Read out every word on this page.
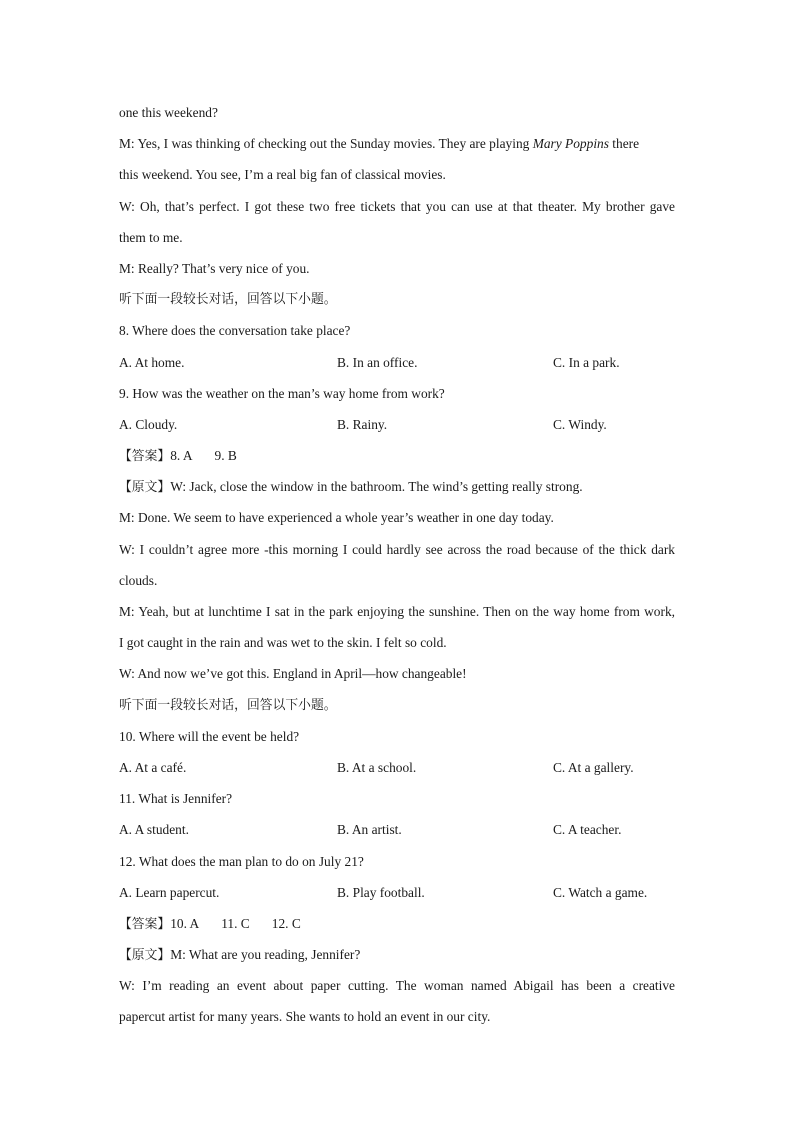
one this weekend?
M: Yes, I was thinking of checking out the Sunday movies. They are playing Mary Poppins there
this weekend. You see, I’m a real big fan of classical movies.
W: Oh, that’s perfect. I got these two free tickets that you can use at that theater. My brother gave
them to me.
M: Really? That’s very nice of you.
听下面一段较长对话，回答以下小题。
8. Where does the conversation take place?
A. At home.	B. In an office.	C. In a park.
9. How was the weather on the man’s way home from work?
A. Cloudy.	B. Rainy.	C. Windy.
【答案】8. A 9. B
【原文】W: Jack, close the window in the bathroom. The wind’s getting really strong.
M: Done. We seem to have experienced a whole year’s weather in one day today.
W: I couldn’t agree more -this morning I could hardly see across the road because of the thick dark
clouds.
M: Yeah, but at lunchtime I sat in the park enjoying the sunshine. Then on the way home from work,
I got caught in the rain and was wet to the skin. I felt so cold.
W: And now we’ve got this. England in April—how changeable!
听下面一段较长对话，回答以下小题。
10. Where will the event be held?
A. At a café.	B. At a school.	C. At a gallery.
11. What is Jennifer?
A. A student.	B. An artist.	C. A teacher.
12. What does the man plan to do on July 21?
A. Learn papercut.	B. Play football.	C. Watch a game.
【答案】10. A 11. C 12. C
【原文】M: What are you reading, Jennifer?
W: I’m reading an event about paper cutting. The woman named Abigail has been a creative
papercut artist for many years. She wants to hold an event in our city.
